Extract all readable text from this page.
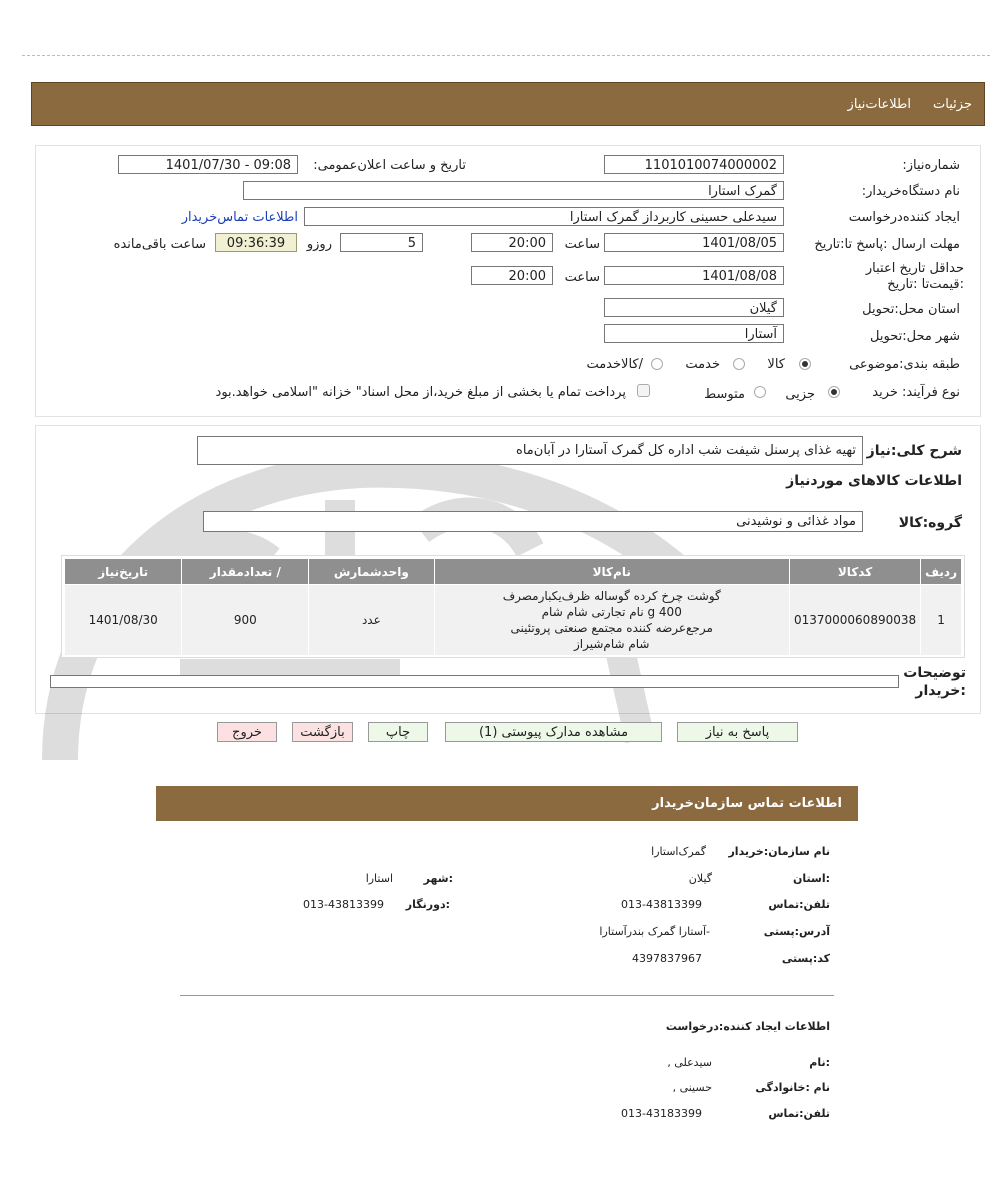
جزئیات
اطلاعات‌نیاز
شماره‌نیاز:
1101010074000002
تاریخ و ساعت اعلان‌عمومی:
1401/07/30 - 09:08
نام دستگاه‌خریدار:
گمرک استارا
ایجاد کننده‌درخواست
سیدعلی حسینی کاربرداز گمرک استارا
اطلاعات تماس‌خریدار
مهلت ارسال :پاسخ تا:تاریخ
1401/08/05
ساعت
20:00
5
روزو
09:36:39
ساعت باقی‌مانده
حداقل تاریخ اعتبار :قیمت‌تا :تاریخ
1401/08/08
ساعت
20:00
استان محل:تحویل
گیلان
شهر محل:تحویل
آستارا
طبقه بندی:موضوعی
کالا
خدمت
/کالاخدمت
نوع فرآیند: خرید
جزیی
متوسط
پرداخت تمام یا بخشی از مبلغ خرید،از محل اسناد" خزانه "اسلامی خواهد.بود
شرح کلی:نیاز
تهیه غذای پرسنل شیفت شب اداره کل گمرک آستارا در آبان‌ماه
اطلاعات کالاهای موردنیاز
گروه:کالا
مواد غذائی و نوشیدنی
ردیف	کدکالا	نام‌کالا	واحدشمارش	/ تعدادمقدار	تاریخ‌نیاز
1	0137000060890038	گوشت چرخ کرده گوساله ظرف‌یکبارمصرف
400 g نام تجارتی شام شام
مرجع‌عرضه کننده مجتمع صنعتی پروتئینی
شام شام‌شیراز	عدد	900	1401/08/30
توضیحات :خریدار
پاسخ به نیاز
مشاهده مدارک پیوستی (1)
چاپ
بازگشت
خروج
اطلاعات تماس سازمان‌خریدار
نام سازمان:خریدار
گمرک‌استارا
:استان
گیلان
:شهر
استارا
تلفن:تماس
013-43813399
:دورنگار
013-43813399
آدرس:پستی
-آستارا گمرک بندرآستارا
کد:پستی
4397837967
اطلاعات ایجاد کننده:درخواست
:نام
سیدعلی ,
نام :خانوادگی
حسینی ,
تلفن:تماس
013-43183399
